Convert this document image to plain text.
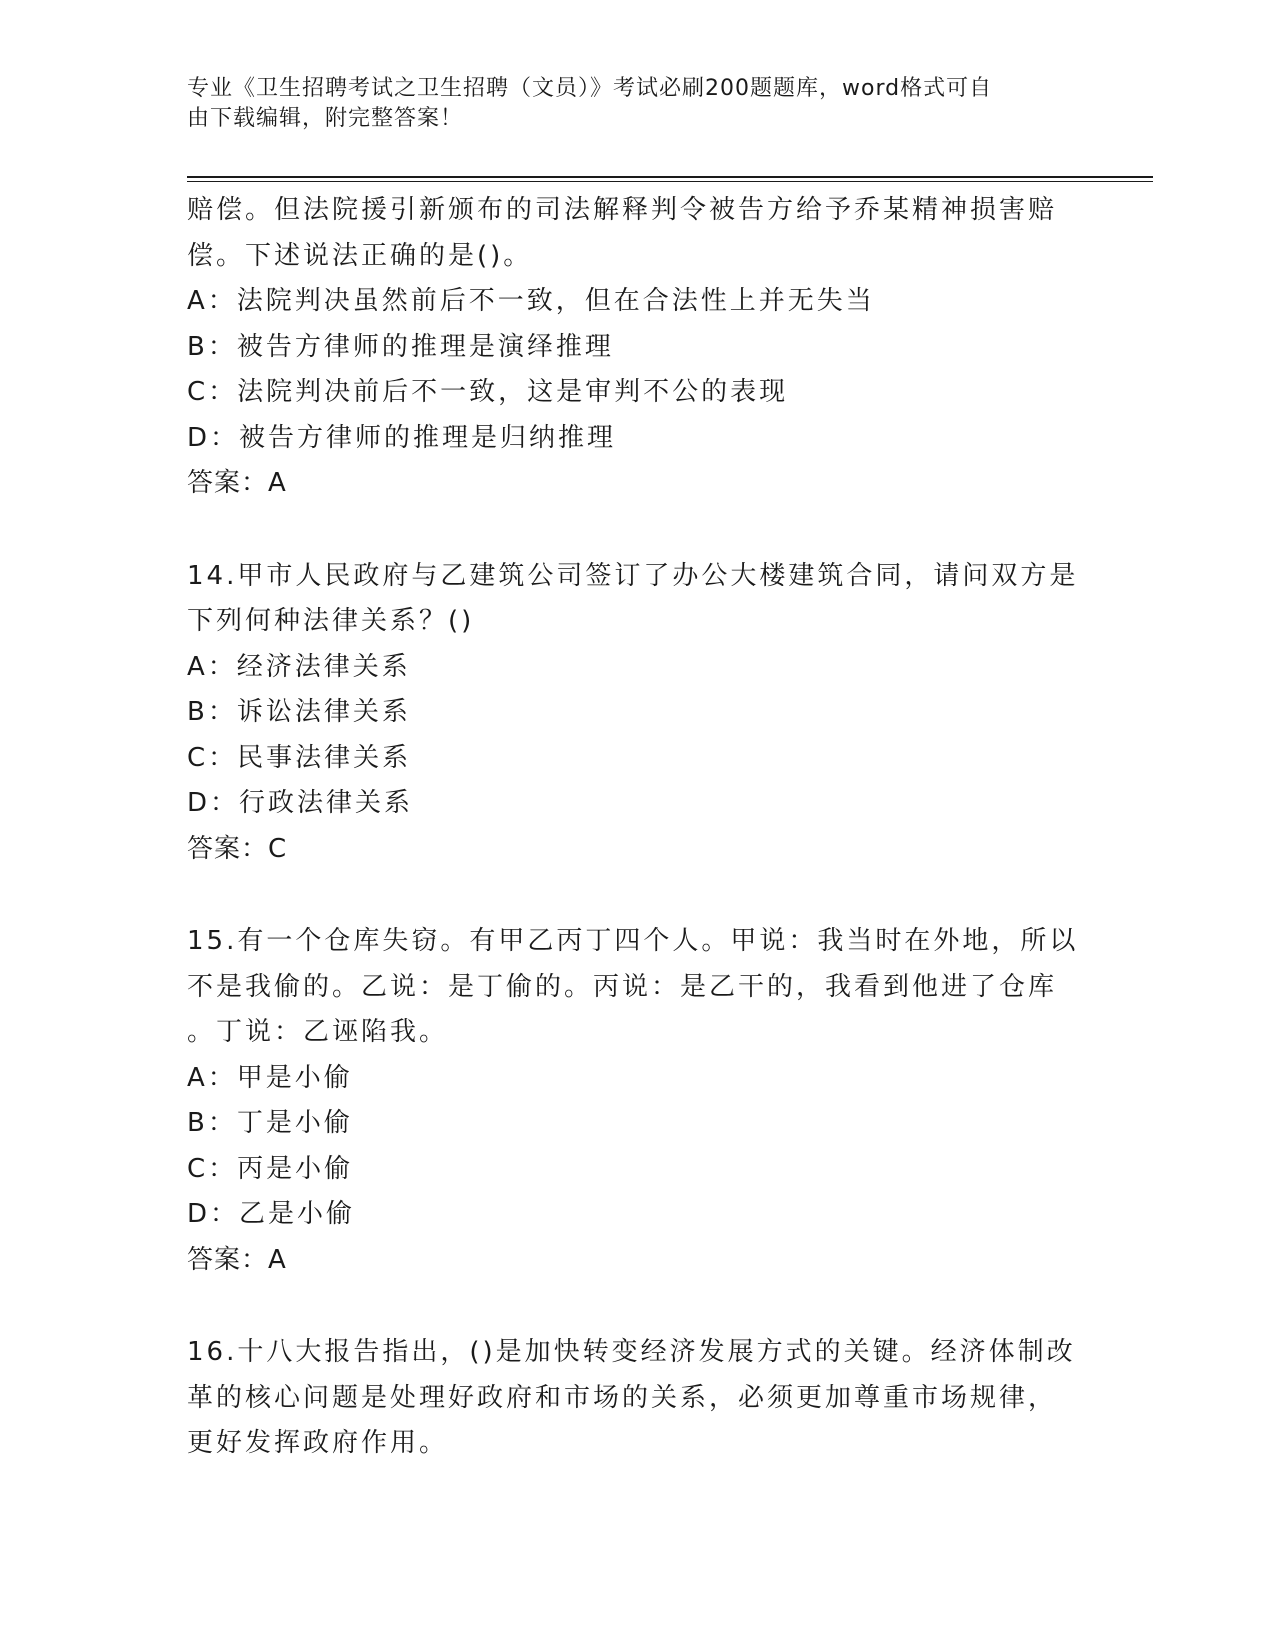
专业《卫生招聘考试之卫生招聘（文员）》考试必刷200题题库，word格式可自
由下载编辑，附完整答案！
赔偿。但法院援引新颁布的司法解释判令被告方给予乔某精神损害赔
偿。下述说法正确的是()。
A：法院判决虽然前后不一致，但在合法性上并无失当
B：被告方律师的推理是演绎推理
C：法院判决前后不一致，这是审判不公的表现
D：被告方律师的推理是归纳推理
答案：A
14.甲市人民政府与乙建筑公司签订了办公大楼建筑合同，请问双方是
下列何种法律关系？()
A：经济法律关系
B：诉讼法律关系
C：民事法律关系
D：行政法律关系
答案：C
15.有一个仓库失窃。有甲乙丙丁四个人。甲说：我当时在外地，所以
不是我偷的。乙说：是丁偷的。丙说：是乙干的，我看到他进了仓库
。丁说：乙诬陷我。
A：甲是小偷
B：丁是小偷
C：丙是小偷
D：乙是小偷
答案：A
16.十八大报告指出，()是加快转变经济发展方式的关键。经济体制改
革的核心问题是处理好政府和市场的关系，必须更加尊重市场规律，
更好发挥政府作用。
